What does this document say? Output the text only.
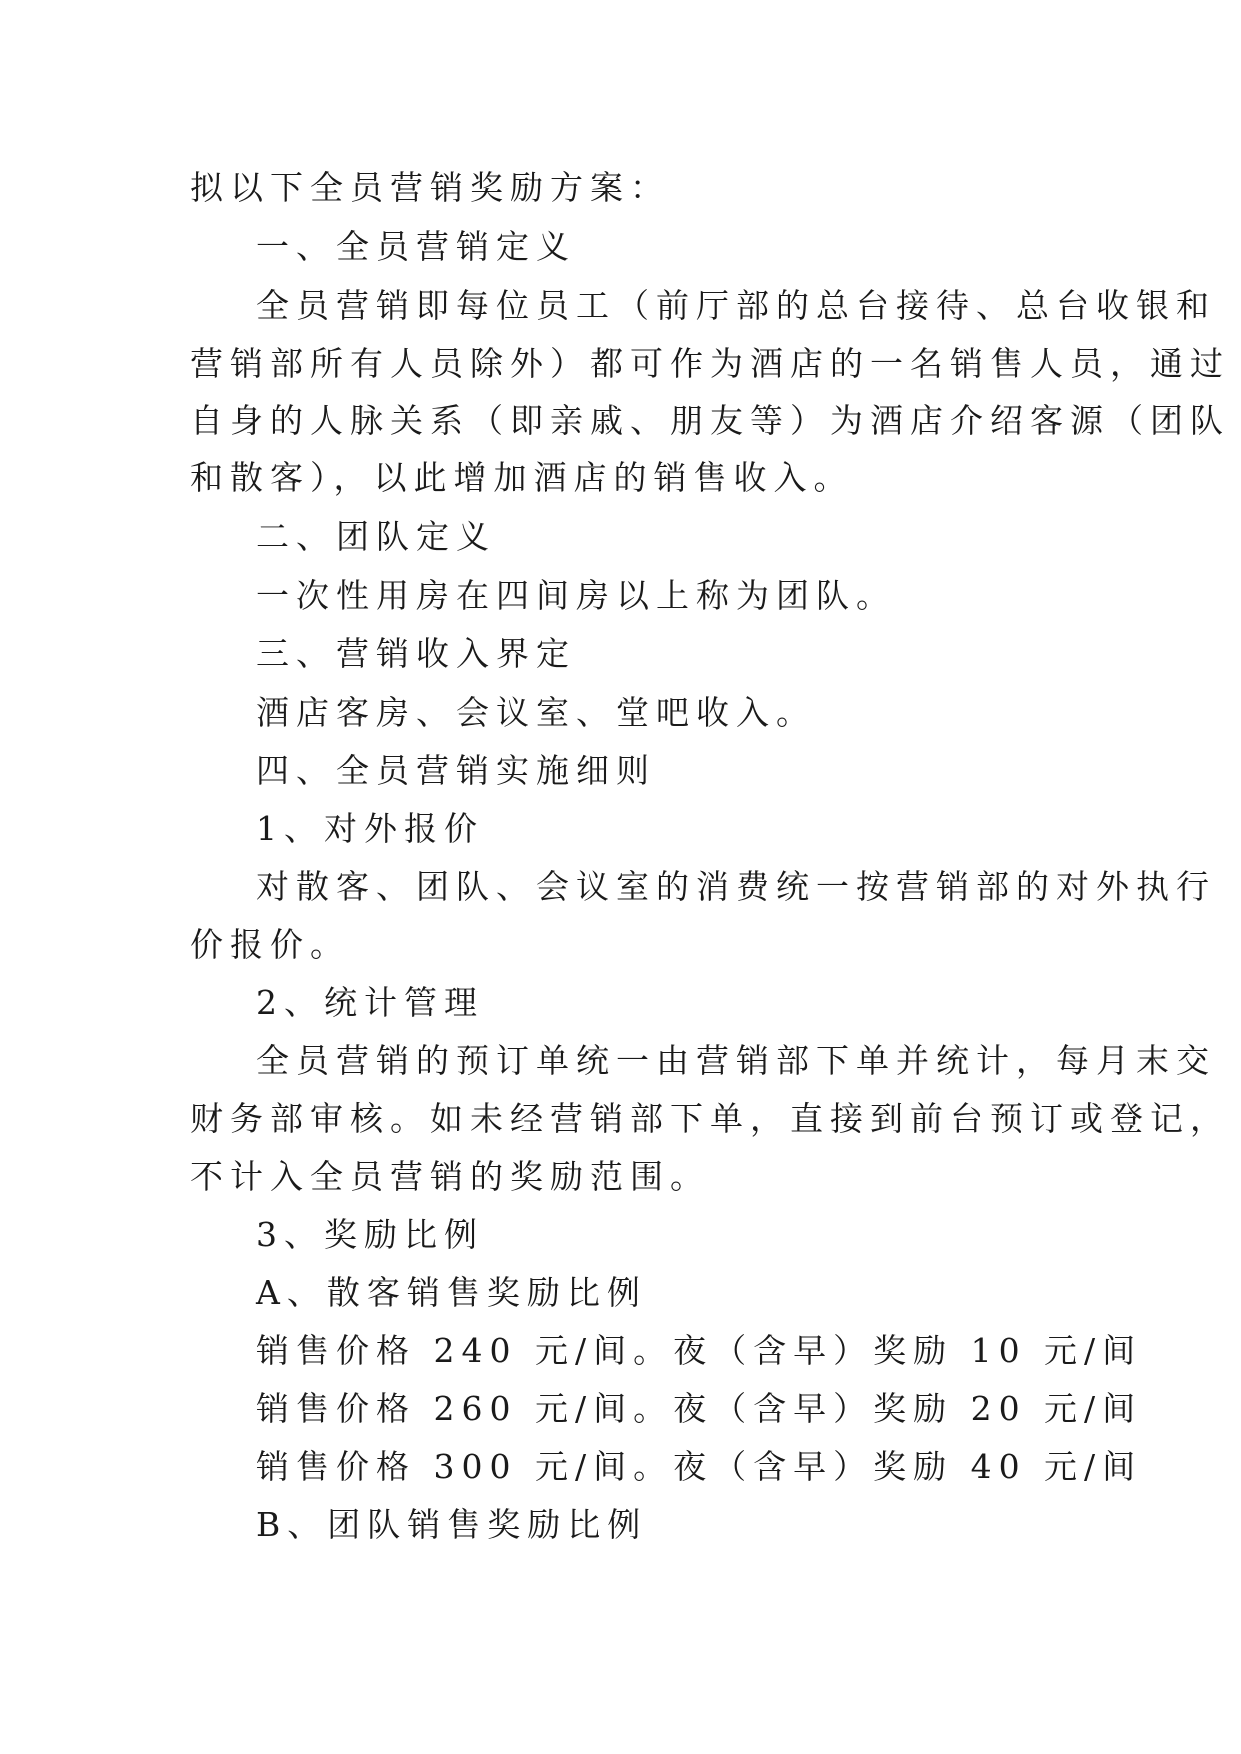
拟以下全员营销奖励方案：
一、全员营销定义
全员营销即每位员工（前厅部的总台接待、总台收银和
营销部所有人员除外）都可作为酒店的一名销售人员，通过
自身的人脉关系（即亲戚、朋友等）为酒店介绍客源（团队
和散客），以此增加酒店的销售收入。
二、团队定义
一次性用房在四间房以上称为团队。
三、营销收入界定
酒店客房、会议室、堂吧收入。
四、全员营销实施细则
1、对外报价
对散客、团队、会议室的消费统一按营销部的对外执行
价报价。
2、统计管理
全员营销的预订单统一由营销部下单并统计，每月末交
财务部审核。如未经营销部下单，直接到前台预订或登记，
不计入全员营销的奖励范围。
3、奖励比例
A、散客销售奖励比例
销售价格 240 元/间。夜（含早）奖励 10 元/间
销售价格 260 元/间。夜（含早）奖励 20 元/间
销售价格 300 元/间。夜（含早）奖励 40 元/间
B、团队销售奖励比例
